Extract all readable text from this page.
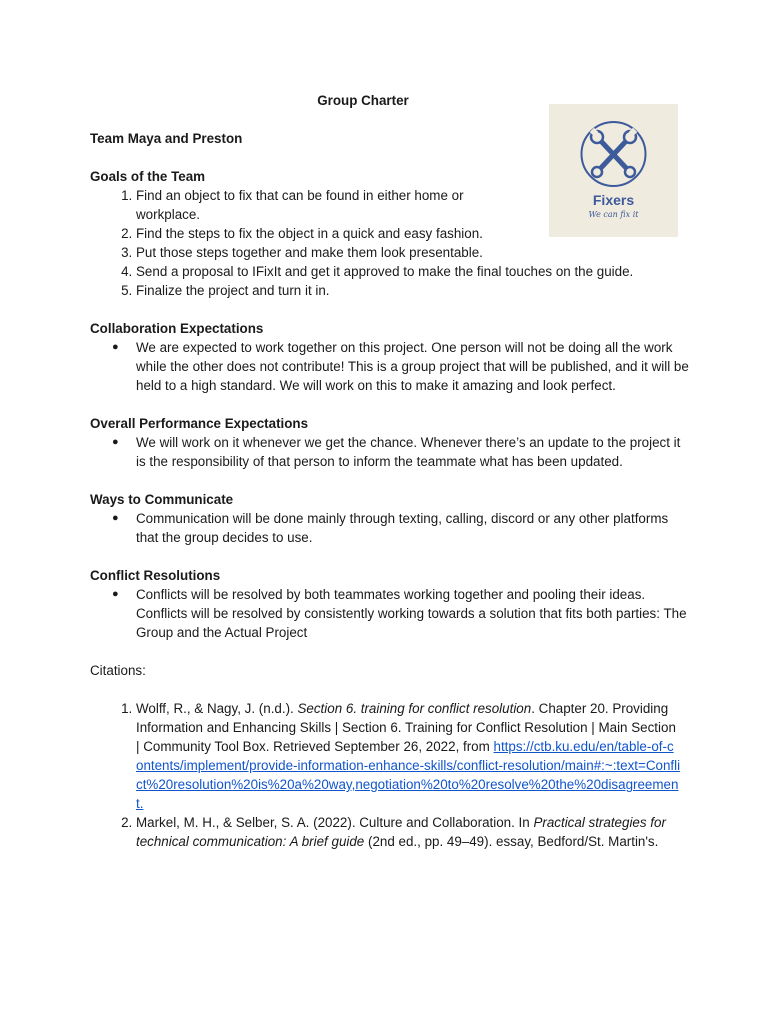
Fixers
We can fix it
Group Charter
Team Maya and Preston
Goals of the Team
1. Find an object to fix that can be found in either home or workplace.
2. Find the steps to fix the object in a quick and easy fashion.
3. Put those steps together and make them look presentable.
4. Send a proposal to IFixIt and get it approved to make the final touches on the guide.
5. Finalize the project and turn it in.
Collaboration Expectations
● We are expected to work together on this project. One person will not be doing all the work while the other does not contribute! This is a group project that will be published, and it will be held to a high standard. We will work on this to make it amazing and look perfect.
Overall Performance Expectations
● We will work on it whenever we get the chance. Whenever there’s an update to the project it is the responsibility of that person to inform the teammate what has been updated.
Ways to Communicate
● Communication will be done mainly through texting, calling, discord or any other platforms that the group decides to use.
Conflict Resolutions
● Conflicts will be resolved by both teammates working together and pooling their ideas. Conflicts will be resolved by consistently working towards a solution that fits both parties: The Group and the Actual Project
Citations:
1. Wolff, R., & Nagy, J. (n.d.). Section 6. training for conflict resolution. Chapter 20. Providing Information and Enhancing Skills | Section 6. Training for Conflict Resolution | Main Section | Community Tool Box. Retrieved September 26, 2022, from https://ctb.ku.edu/en/table-of-contents/implement/provide-information-enhance-skills/conflict-resolution/main#:~:text=Conflict%20resolution%20is%20a%20way,negotiation%20to%20resolve%20the%20disagreement.
2. Markel, M. H., & Selber, S. A. (2022). Culture and Collaboration. In Practical strategies for technical communication: A brief guide (2nd ed., pp. 49–49). essay, Bedford/St. Martin's.
